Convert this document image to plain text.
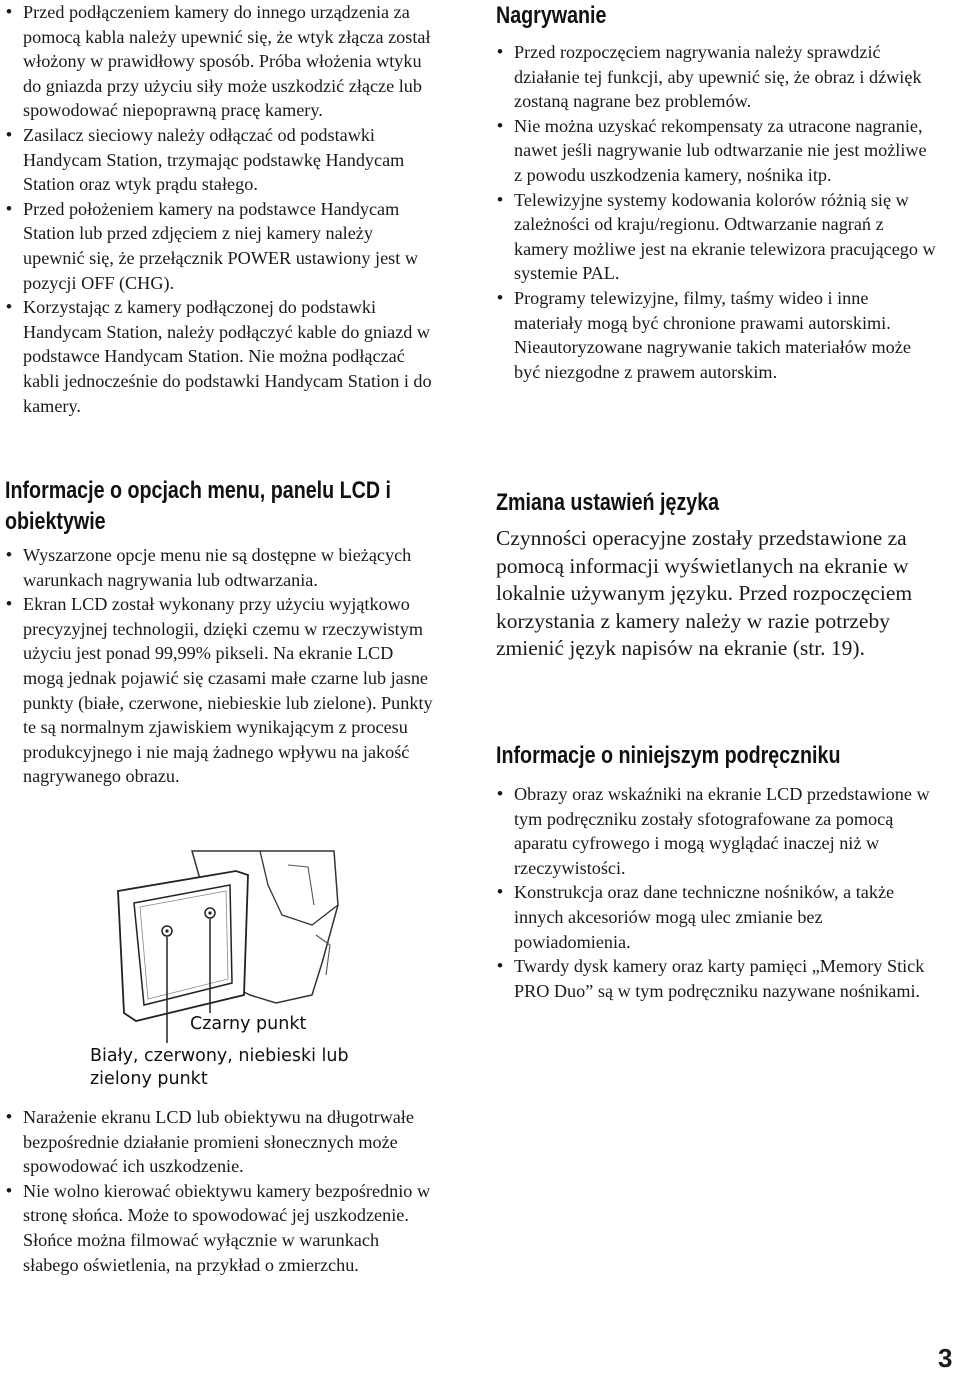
• Przed podłączeniem kamery do innego urządzenia za pomocą kabla należy upewnić się, że wtyk złącza został włożony w prawidłowy sposób. Próba włożenia wtyku do gniazda przy użyciu siły może uszkodzić złącze lub spowodować niepoprawną pracę kamery.
• Zasilacz sieciowy należy odłączać od podstawki Handycam Station, trzymając podstawkę Handycam Station oraz wtyk prądu stałego.
• Przed położeniem kamery na podstawce Handycam Station lub przed zdjęciem z niej kamery należy upewnić się, że przełącznik POWER ustawiony jest w pozycji OFF (CHG).
• Korzystając z kamery podłączonej do podstawki Handycam Station, należy podłączyć kable do gniazd w podstawce Handycam Station. Nie można podłączać kabli jednocześnie do podstawki Handycam Station i do kamery.
Informacje o opcjach menu, panelu LCD i obiektywie
• Wyszarzone opcje menu nie są dostępne w bieżących warunkach nagrywania lub odtwarzania.
• Ekran LCD został wykonany przy użyciu wyjątkowo precyzyjnej technologii, dzięki czemu w rzeczywistym użyciu jest ponad 99,99% pikseli. Na ekranie LCD mogą jednak pojawić się czasami małe czarne lub jasne punkty (białe, czerwone, niebieskie lub zielone). Punkty te są normalnym zjawiskiem wynikającym z procesu produkcyjnego i nie mają żadnego wpływu na jakość nagrywanego obrazu.

Czarny punkt

Biały, czerwony, niebieski lub zielony punkt

• Narażenie ekranu LCD lub obiektywu na długotrwałe bezpośrednie działanie promieni słonecznych może spowodować ich uszkodzenie.
• Nie wolno kierować obiektywu kamery bezpośrednio w stronę słońca. Może to spowodować jej uszkodzenie. Słońce można filmować wyłącznie w warunkach słabego oświetlenia, na przykład o zmierzchu.
Nagrywanie
• Przed rozpoczęciem nagrywania należy sprawdzić działanie tej funkcji, aby upewnić się, że obraz i dźwięk zostaną nagrane bez problemów.
• Nie można uzyskać rekompensaty za utracone nagranie, nawet jeśli nagrywanie lub odtwarzanie nie jest możliwe z powodu uszkodzenia kamery, nośnika itp.
• Telewizyjne systemy kodowania kolorów różnią się w zależności od kraju/regionu. Odtwarzanie nagrań z kamery możliwe jest na ekranie telewizora pracującego w systemie PAL.
• Programy telewizyjne, filmy, taśmy wideo i inne materiały mogą być chronione prawami autorskimi. Nieautoryzowane nagrywanie takich materiałów może być niezgodne z prawem autorskim.
Zmiana ustawień języka

Czynności operacyjne zostały przedstawione za pomocą informacji wyświetlanych na ekranie w lokalnie używanym języku. Przed rozpoczęciem korzystania z kamery należy w razie potrzeby zmienić język napisów na ekranie (str. 19).

Informacje o niniejszym podręczniku
• Obrazy oraz wskaźniki na ekranie LCD przedstawione w tym podręczniku zostały sfotografowane za pomocą aparatu cyfrowego i mogą wyglądać inaczej niż w rzeczywistości.
• Konstrukcja oraz dane techniczne nośników, a także innych akcesoriów mogą ulec zmianie bez powiadomienia.
• Twardy dysk kamery oraz karty pamięci „Memory Stick PRO Duo” są w tym podręczniku nazywane nośnikami.
3
